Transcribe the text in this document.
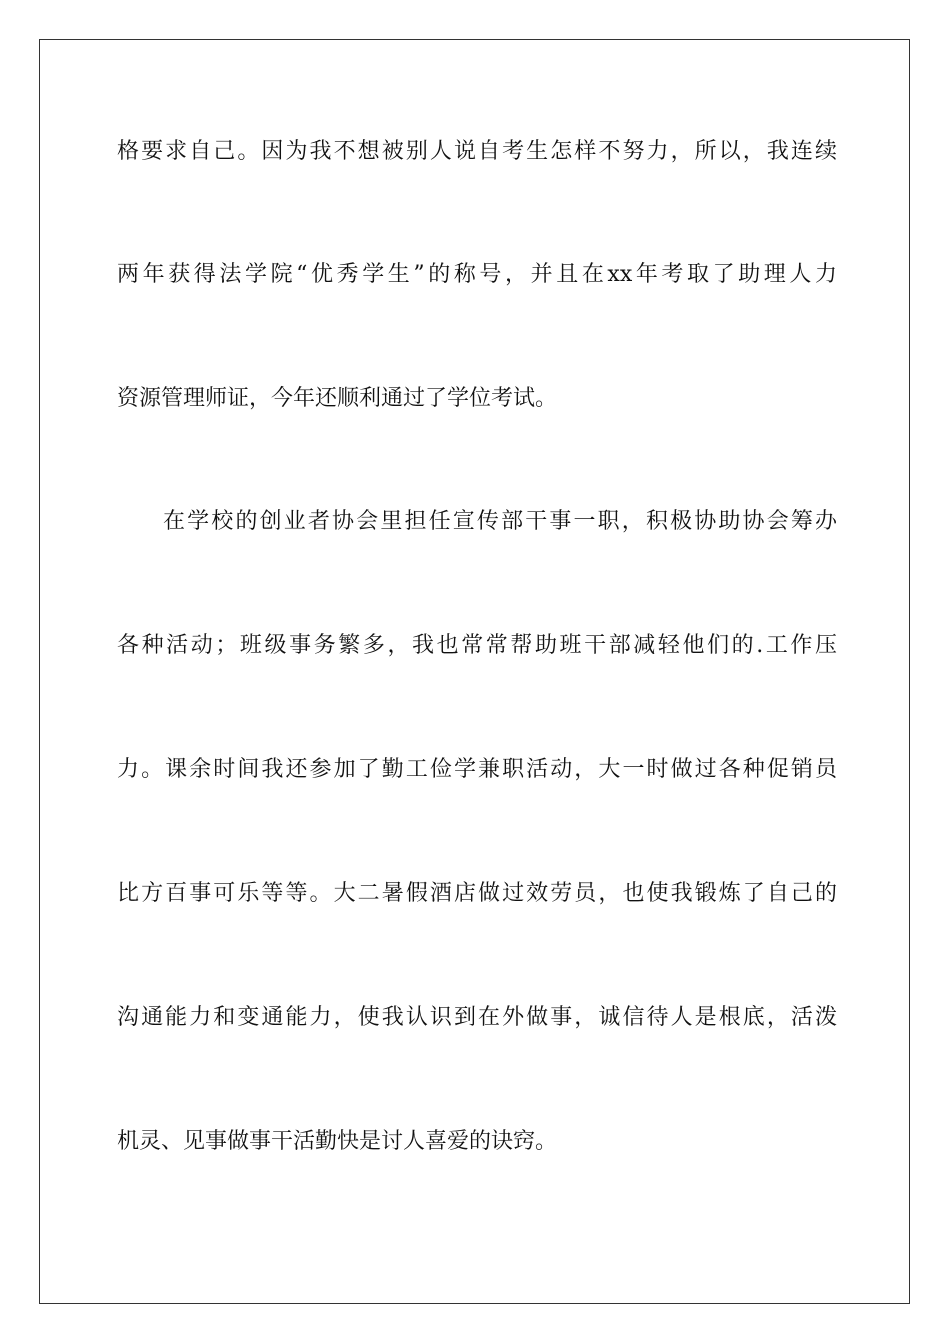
格要求自己。因为我不想被别人说自考生怎样不努力，所以，我连续
两年获得法学院“优秀学生”的称号，并且在xx年考取了助理人力
资源管理师证，今年还顺利通过了学位考试。
在学校的创业者协会里担任宣传部干事一职，积极协助协会筹办
各种活动；班级事务繁多，我也常常帮助班干部减轻他们的.工作压
力。课余时间我还参加了勤工俭学兼职活动，大一时做过各种促销员
比方百事可乐等等。大二暑假酒店做过效劳员，也使我锻炼了自己的
沟通能力和变通能力，使我认识到在外做事，诚信待人是根底，活泼
机灵、见事做事干活勤快是讨人喜爱的诀窍。
